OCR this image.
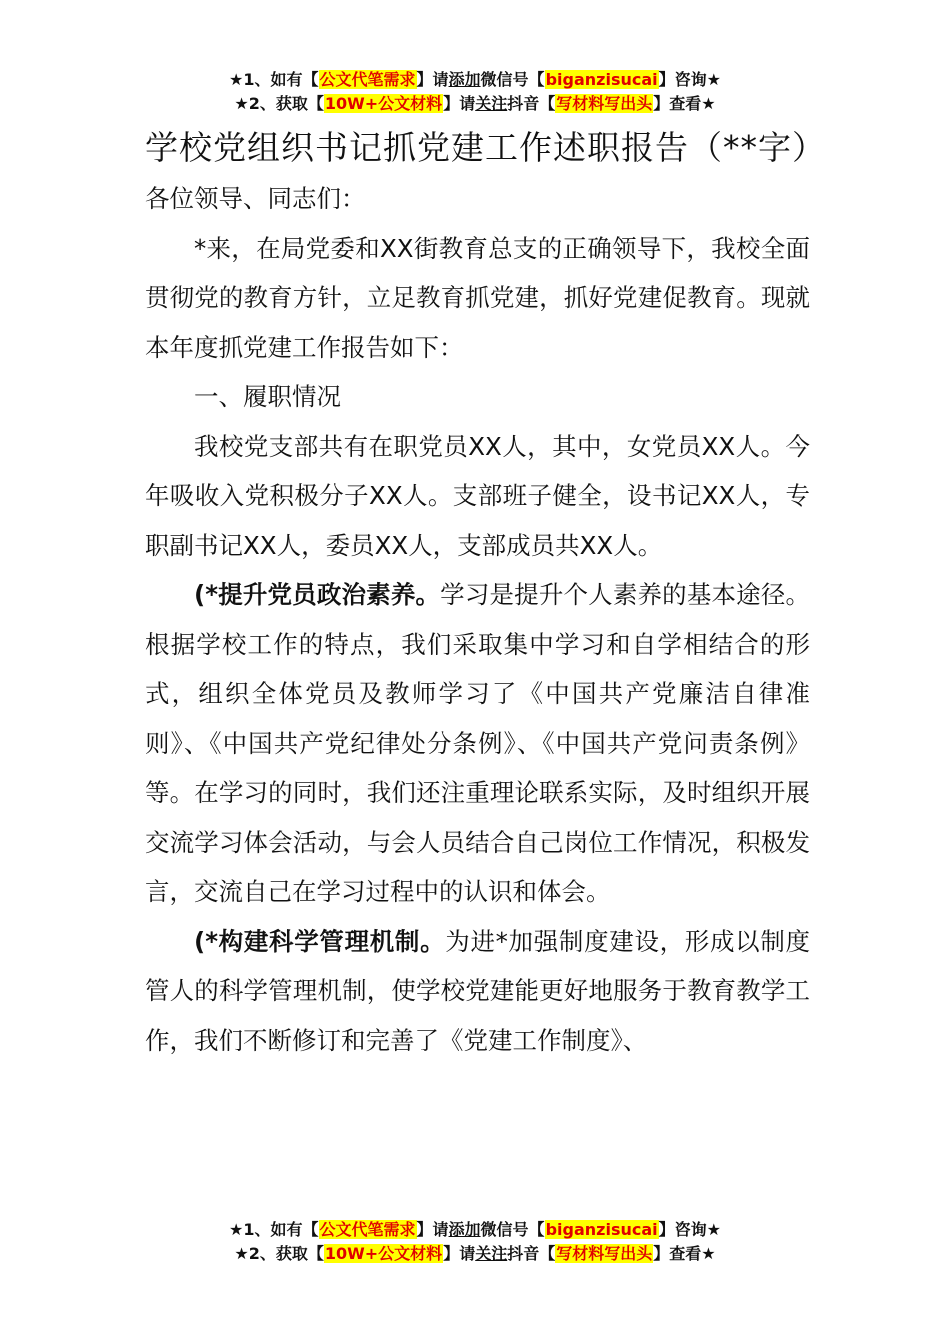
★1、如有【公文代笔需求】请添加微信号【biganzisucai】咨询★
★2、获取【10W+公文材料】请关注抖音【写材料写出头】查看★
学校党组织书记抓党建工作述职报告（**字）

各位领导、同志们：

*来，在局党委和XX街教育总支的正确领导下，我校全面贯彻党的教育方针，立足教育抓党建，抓好党建促教育。现就本年度抓党建工作报告如下：

一、履职情况

我校党支部共有在职党员XX人，其中，女党员XX人。今年吸收入党积极分子XX人。支部班子健全，设书记XX人，专职副书记XX人，委员XX人，支部成员共XX人。

(*提升党员政治素养。学习是提升个人素养的基本途径。根据学校工作的特点，我们采取集中学习和自学相结合的形式，组织全体党员及教师学习了《中国共产党廉洁自律准则》、《中国共产党纪律处分条例》、《中国共产党问责条例》等。在学习的同时，我们还注重理论联系实际，及时组织开展交流学习体会活动，与会人员结合自己岗位工作情况，积极发言，交流自己在学习过程中的认识和体会。

(*构建科学管理机制。为进*加强制度建设，形成以制度管人的科学管理机制，使学校党建能更好地服务于教育教学工作，我们不断修订和完善了《党建工作制度》、

★1、如有【公文代笔需求】请添加微信号【biganzisucai】咨询★
★2、获取【10W+公文材料】请关注抖音【写材料写出头】查看★
